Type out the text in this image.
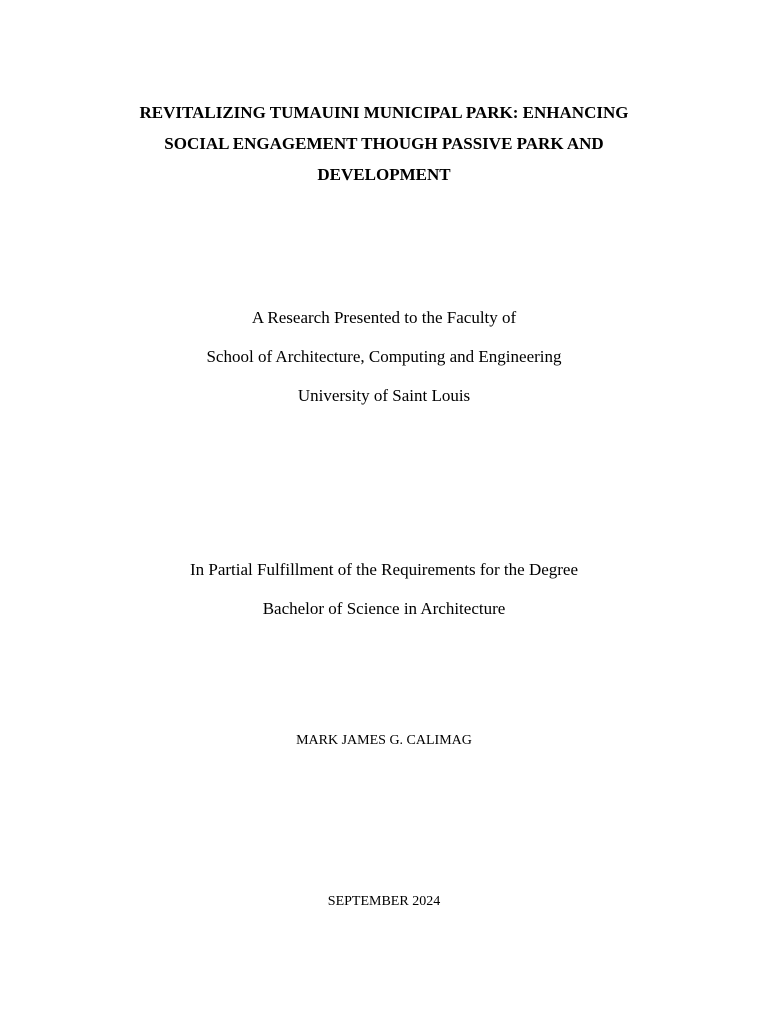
REVITALIZING TUMAUINI MUNICIPAL PARK: ENHANCING
SOCIAL ENGAGEMENT THOUGH PASSIVE PARK AND
DEVELOPMENT
A Research Presented to the Faculty of
School of Architecture, Computing and Engineering
University of Saint Louis
In Partial Fulfillment of the Requirements for the Degree
Bachelor of Science in Architecture
MARK JAMES G. CALIMAG
SEPTEMBER 2024
